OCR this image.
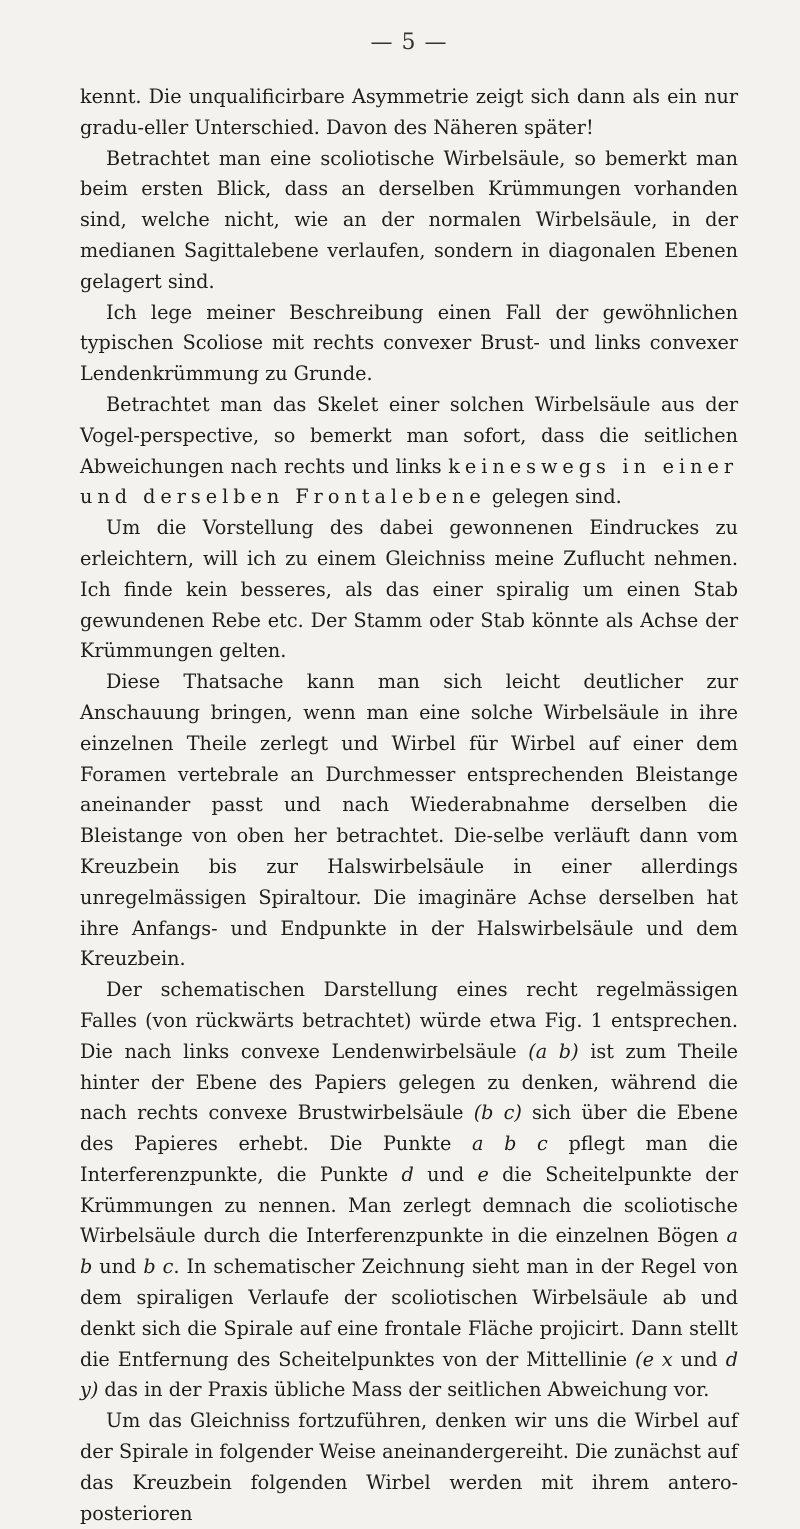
— 5 —

kennt. Die unqualificirbare Asymmetrie zeigt sich dann als ein nur gradu-eller Unterschied. Davon des Näheren später!

Betrachtet man eine scoliotische Wirbelsäule, so bemerkt man beim ersten Blick, dass an derselben Krümmungen vorhanden sind, welche nicht, wie an der normalen Wirbelsäule, in der medianen Sagittalebene verlaufen, sondern in diagonalen Ebenen gelagert sind.

Ich lege meiner Beschreibung einen Fall der gewöhnlichen typischen Scoliose mit rechts convexer Brust- und links convexer Lendenkrümmung zu Grunde.

Betrachtet man das Skelet einer solchen Wirbelsäule aus der Vogel-perspective, so bemerkt man sofort, dass die seitlichen Abweichungen nach rechts und links keineswegs in einer und derselben Frontalebene gelegen sind.

Um die Vorstellung des dabei gewonnenen Eindruckes zu erleichtern, will ich zu einem Gleichniss meine Zuflucht nehmen. Ich finde kein besseres, als das einer spiralig um einen Stab gewundenen Rebe etc. Der Stamm oder Stab könnte als Achse der Krümmungen gelten.

Diese Thatsache kann man sich leicht deutlicher zur Anschauung bringen, wenn man eine solche Wirbelsäule in ihre einzelnen Theile zerlegt und Wirbel für Wirbel auf einer dem Foramen vertebrale an Durchmesser entsprechenden Bleistange aneinander passt und nach Wiederabnahme derselben die Bleistange von oben her betrachtet. Die-selbe verläuft dann vom Kreuzbein bis zur Halswirbelsäule in einer allerdings unregelmässigen Spiraltour. Die imaginäre Achse derselben hat ihre Anfangs- und Endpunkte in der Halswirbelsäule und dem Kreuzbein.

Der schematischen Darstellung eines recht regelmässigen Falles (von rückwärts betrachtet) würde etwa Fig. 1 entsprechen. Die nach links convexe Lendenwirbelsäule (a b) ist zum Theile hinter der Ebene des Papiers gelegen zu denken, während die nach rechts convexe Brustwirbelsäule (b c) sich über die Ebene des Papieres erhebt. Die Punkte a b c pflegt man die Interferenzpunkte, die Punkte d und e die Scheitelpunkte der Krümmungen zu nennen. Man zerlegt demnach die scoliotische Wirbelsäule durch die Interferenzpunkte in die einzelnen Bögen a b und b c. In schematischer Zeichnung sieht man in der Regel von dem spiraligen Verlaufe der scoliotischen Wirbelsäule ab und denkt sich die Spirale auf eine frontale Fläche projicirt. Dann stellt die Entfernung des Scheitelpunktes von der Mittellinie (e x und d y) das in der Praxis übliche Mass der seitlichen Abweichung vor.

Um das Gleichniss fortzuführen, denken wir uns die Wirbel auf der Spirale in folgender Weise aneinandergereiht. Die zunächst auf das Kreuzbein folgenden Wirbel werden mit ihrem antero-posterioren
